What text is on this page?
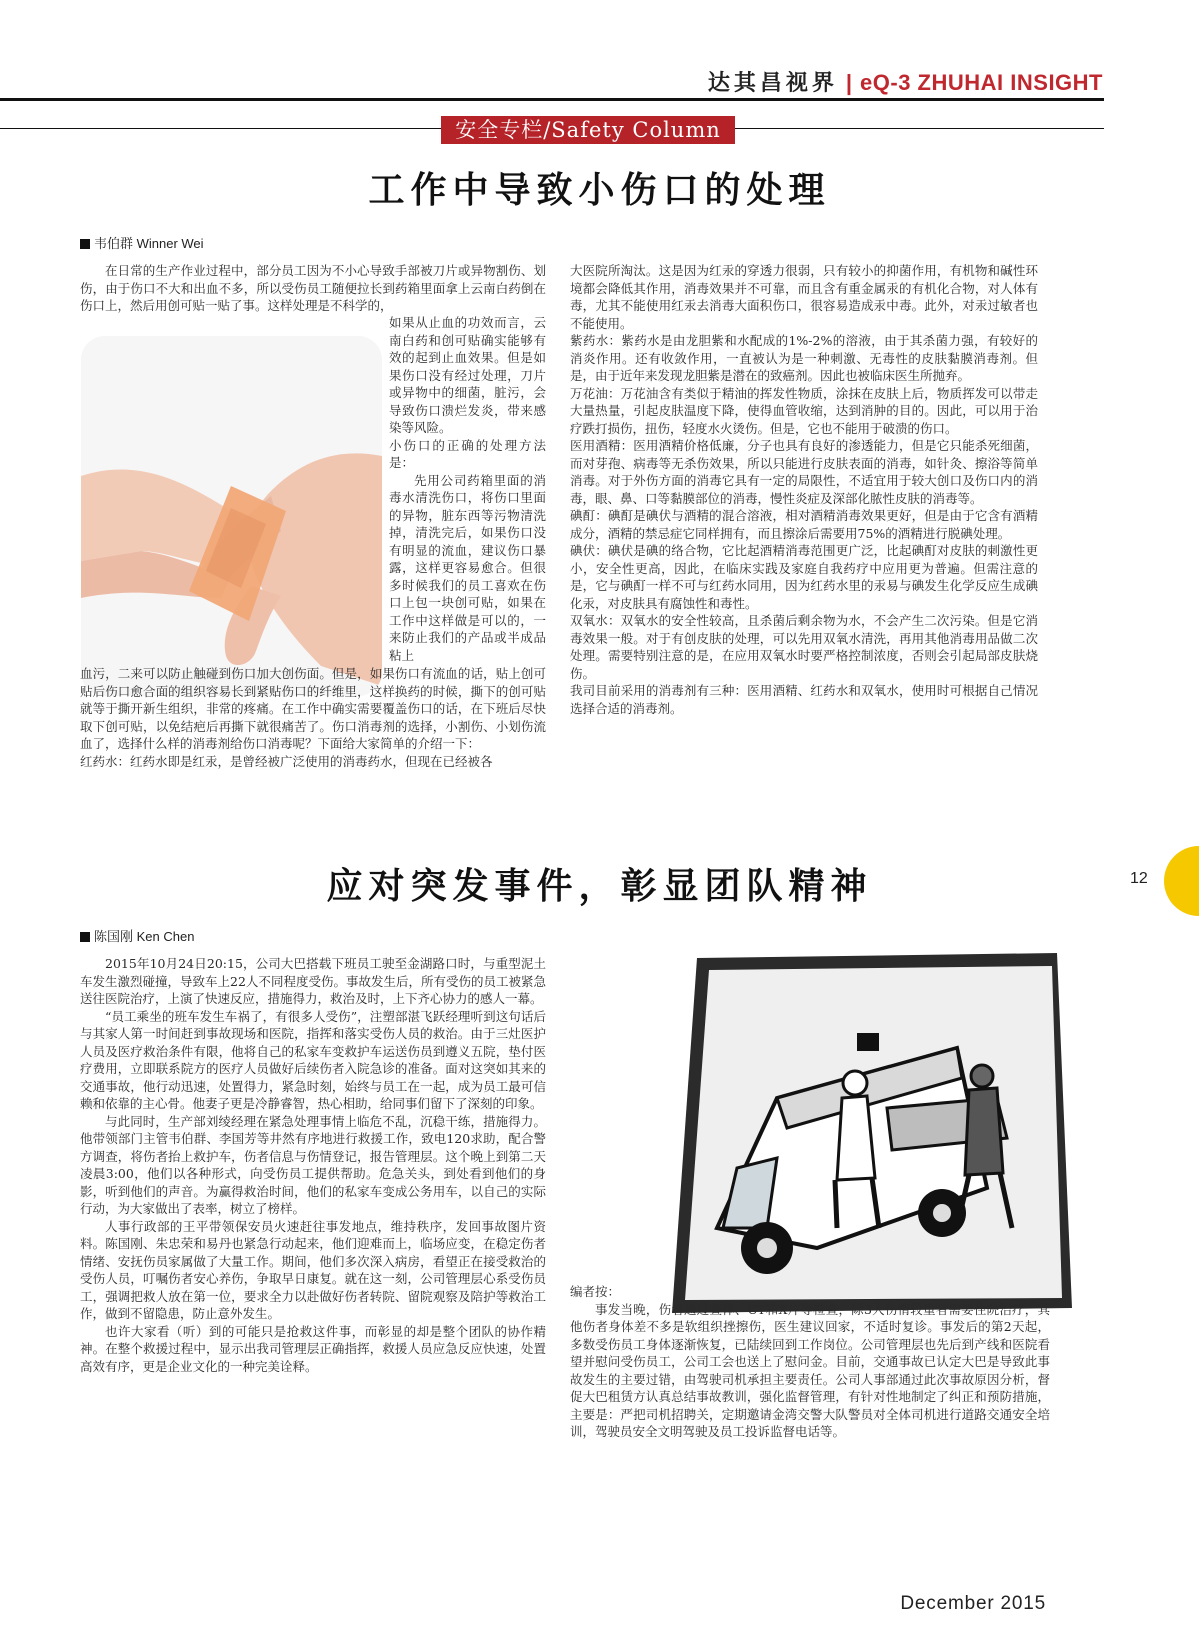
达其昌视界 | eQ-3 ZHUHAI INSIGHT
安全专栏/Safety Column
工作中导致小伤口的处理
韦伯群 Winner Wei

在日常的生产作业过程中，部分员工因为不小心导致手部被刀片或异物割伤、划伤，由于伤口不大和出血不多，所以受伤员工随便拉长到药箱里面拿上云南白药倒在伤口上，然后用创可贴一贴了事。这样处理是不科学的，

如果从止血的功效而言，云南白药和创可贴确实能够有效的起到止血效果。但是如果伤口没有经过处理，刀片或异物中的细菌，脏污，会导致伤口溃烂发炎，带来感染等风险。

小伤口的正确的处理方法是：

先用公司药箱里面的消毒水清洗伤口，将伤口里面的异物，脏东西等污物清洗掉，清洗完后，如果伤口没有明显的流血，建议伤口暴露，这样更容易愈合。但很多时候我们的员工喜欢在伤口上包一块创可贴，如果在工作中这样做是可以的，一来防止我们的产品或半成品粘上

血污，二来可以防止触碰到伤口加大创伤面。但是，如果伤口有流血的话，贴上创可贴后伤口愈合面的组织容易长到紧贴伤口的纤维里，这样换药的时候，撕下的创可贴就等于撕开新生组织，非常的疼痛。在工作中确实需要覆盖伤口的话，在下班后尽快取下创可贴，以免结疤后再撕下就很痛苦了。伤口消毒剂的选择，小割伤、小划伤流血了，选择什么样的消毒剂给伤口消毒呢？下面给大家简单的介绍一下：

红药水：红药水即是红汞，是曾经被广泛使用的消毒药水，但现在已经被各

大医院所淘汰。这是因为红汞的穿透力很弱，只有较小的抑菌作用，有机物和碱性环境都会降低其作用，消毒效果并不可靠，而且含有重金属汞的有机化合物，对人体有毒，尤其不能使用红汞去消毒大面积伤口，很容易造成汞中毒。此外，对汞过敏者也不能使用。

紫药水：紫药水是由龙胆紫和水配成的1%-2%的溶液，由于其杀菌力强，有较好的消炎作用。还有收敛作用，一直被认为是一种刺激、无毒性的皮肤黏膜消毒剂。但是，由于近年来发现龙胆紫是潜在的致癌剂。因此也被临床医生所抛弃。

万花油：万花油含有类似于精油的挥发性物质，涂抹在皮肤上后，物质挥发可以带走大量热量，引起皮肤温度下降，使得血管收缩，达到消肿的目的。因此，可以用于治疗跌打损伤，扭伤，轻度水火烫伤。但是，它也不能用于破溃的伤口。

医用酒精：医用酒精价格低廉，分子也具有良好的渗透能力，但是它只能杀死细菌，而对芽孢、病毒等无杀伤效果，所以只能进行皮肤表面的消毒，如针灸、擦浴等简单消毒。对于外伤方面的消毒它具有一定的局限性，不适宜用于较大创口及伤口内的消毒，眼、鼻、口等黏膜部位的消毒，慢性炎症及深部化脓性皮肤的消毒等。

碘酊：碘酊是碘伏与酒精的混合溶液，相对酒精消毒效果更好，但是由于它含有酒精成分，酒精的禁忌症它同样拥有，而且擦涂后需要用75%的酒精进行脱碘处理。

碘伏：碘伏是碘的络合物，它比起酒精消毒范围更广泛，比起碘酊对皮肤的刺激性更小，安全性更高，因此，在临床实践及家庭自我药疗中应用更为普遍。但需注意的是，它与碘酊一样不可与红药水同用，因为红药水里的汞易与碘发生化学反应生成碘化汞，对皮肤具有腐蚀性和毒性。

双氧水：双氧水的安全性较高，且杀菌后剩余物为水，不会产生二次污染。但是它消毒效果一般。对于有创皮肤的处理，可以先用双氧水清洗，再用其他消毒用品做二次处理。需要特别注意的是，在应用双氧水时要严格控制浓度，否则会引起局部皮肤烧伤。

我司目前采用的消毒剂有三种：医用酒精、红药水和双氧水，使用时可根据自己情况选择合适的消毒剂。

12
应对突发事件，彰显团队精神
陈国刚 Ken Chen

2015年10月24日20:15，公司大巴搭载下班员工驶至金湖路口时，与重型泥土车发生激烈碰撞，导致车上22人不同程度受伤。事故发生后，所有受伤的员工被紧急送往医院治疗，上演了快速反应，措施得力，救治及时，上下齐心协力的感人一幕。

“员工乘坐的班车发生车祸了，有很多人受伤”，注塑部湛飞跃经理听到这句话后与其家人第一时间赶到事故现场和医院，指挥和落实受伤人员的救治。由于三灶医护人员及医疗救治条件有限，他将自己的私家车变救护车运送伤员到遵义五院，垫付医疗费用，立即联系院方的医疗人员做好后续伤者入院急诊的准备。面对这突如其来的交通事故，他行动迅速，处置得力，紧急时刻，始终与员工在一起，成为员工最可信赖和依靠的主心骨。他妻子更是冷静睿智，热心相助，给同事们留下了深刻的印象。

与此同时，生产部刘绫经理在紧急处理事情上临危不乱，沉稳干练，措施得力。他带领部门主管韦伯群、李国芳等井然有序地进行救援工作，致电120求助，配合警方调查，将伤者抬上救护车，伤者信息与伤情登记，报告管理层。这个晚上到第二天凌晨3:00，他们以各种形式，向受伤员工提供帮助。危急关头，到处看到他们的身影，听到他们的声音。为赢得救治时间，他们的私家车变成公务用车，以自己的实际行动，为大家做出了表率，树立了榜样。

人事行政部的王平带领保安员火速赶往事发地点，维持秩序，发回事故图片资料。陈国刚、朱忠荣和易丹也紧急行动起来，他们迎难而上，临场应变，在稳定伤者情绪、安抚伤员家属做了大量工作。期间，他们多次深入病房，看望正在接受救治的受伤人员，叮嘱伤者安心养伤，争取早日康复。就在这一刻，公司管理层心系受伤员工，强调把救人放在第一位，要求全力以赴做好伤者转院、留院观察及陪护等救治工作，做到不留隐患，防止意外发生。

也许大家看（听）到的可能只是抢救这件事，而彰显的却是整个团队的协作精神。在整个救援过程中，显示出我司管理层正确指挥，救援人员应急反应快速，处置高效有序，更是企业文化的一种完美诠释。

编者按：

事发当晚，伤者通过查体、CT和X片等检查，除3人伤情较重者需要住院治疗，其他伤者身体差不多是软组织挫擦伤，医生建议回家，不适时复诊。事发后的第2天起，多数受伤员工身体逐渐恢复，已陆续回到工作岗位。公司管理层也先后到产线和医院看望并慰问受伤员工，公司工会也送上了慰问金。目前，交通事故已认定大巴是导致此事故发生的主要过错，由驾驶司机承担主要责任。公司人事部通过此次事故原因分析，督促大巴租赁方认真总结事故教训，强化监督管理，有针对性地制定了纠正和预防措施，主要是：严把司机招聘关，定期邀请金湾交警大队警员对全体司机进行道路交通安全培训，驾驶员安全文明驾驶及员工投诉监督电话等。

December 2015
